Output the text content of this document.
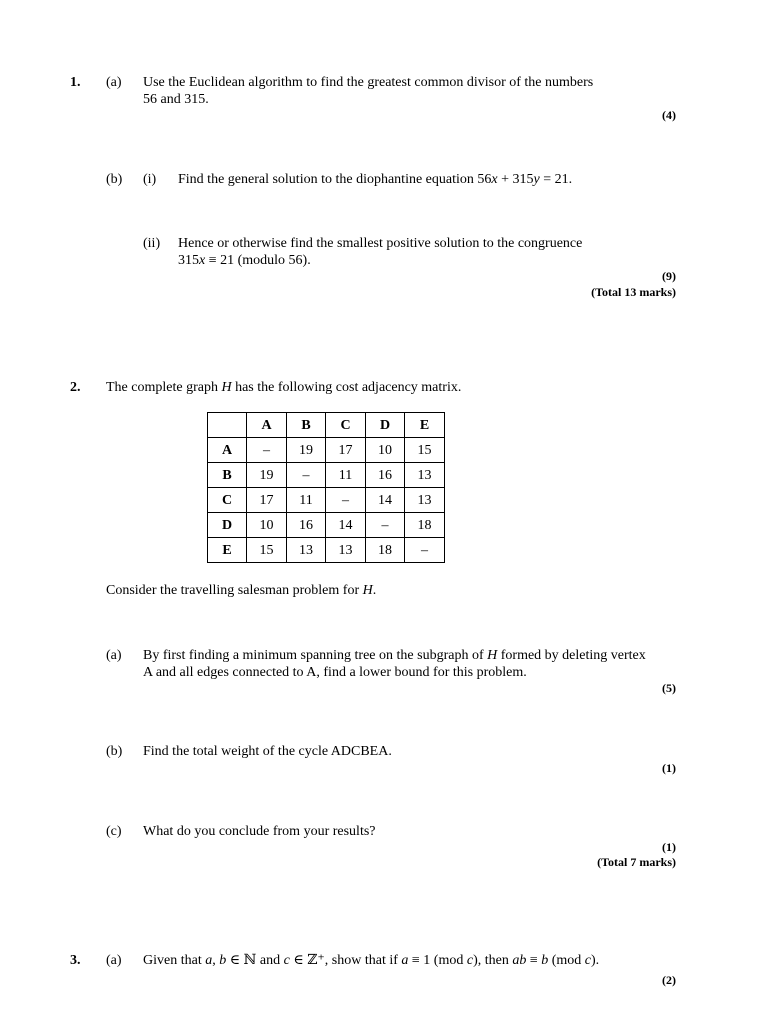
1. (a) Use the Euclidean algorithm to find the greatest common divisor of the numbers
56 and 315.
(4)
(b) (i) Find the general solution to the diophantine equation 56x + 315y = 21.
(ii) Hence or otherwise find the smallest positive solution to the congruence
315x ≡ 21 (modulo 56).
(9)
(Total 13 marks)
2. The complete graph H has the following cost adjacency matrix.
	A	B	C	D	E
A	–	19	17	10	15
B	19	–	11	16	13
C	17	11	–	14	13
D	10	16	14	–	18
E	15	13	13	18	–
Consider the travelling salesman problem for H.
(a) By first finding a minimum spanning tree on the subgraph of H formed by deleting vertex
A and all edges connected to A, find a lower bound for this problem.
(5)
(b) Find the total weight of the cycle ADCBEA.
(1)
(c) What do you conclude from your results?
(1)
(Total 7 marks)
3. (a) Given that a, b ∈ ℕ and c ∈ ℤ⁺, show that if a ≡ 1 (mod c), then ab ≡ b (mod c).
(2)
